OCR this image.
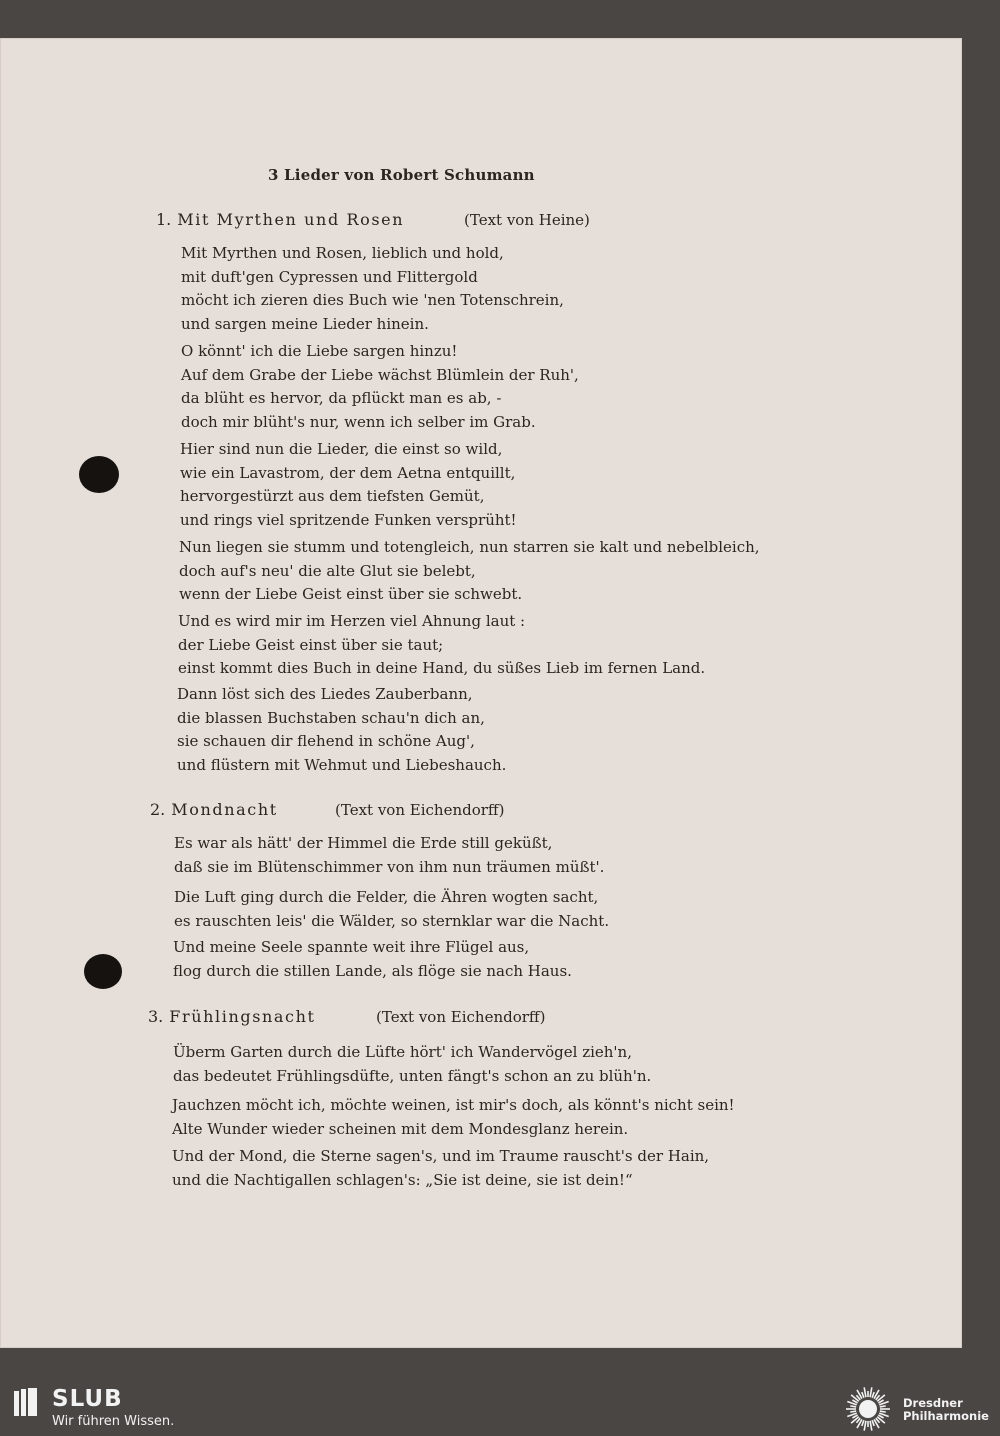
3 Lieder von Robert Schumann
1. Mit Myrthen und Rosen	(Text von Heine)
Mit Myrthen und Rosen, lieblich und hold,
mit duft'gen Cypressen und Flittergold
möcht ich zieren dies Buch wie 'nen Totenschrein,
und sargen meine Lieder hinein.
O könnt' ich die Liebe sargen hinzu!
Auf dem Grabe der Liebe wächst Blümlein der Ruh',
da blüht es hervor, da pflückt man es ab, -
doch mir blüht's nur, wenn ich selber im Grab.
Hier sind nun die Lieder, die einst so wild,
wie ein Lavastrom, der dem Aetna entquillt,
hervorgestürzt aus dem tiefsten Gemüt,
und rings viel spritzende Funken versprüht!
Nun liegen sie stumm und totengleich, nun starren sie kalt und nebelbleich,
doch auf's neu' die alte Glut sie belebt,
wenn der Liebe Geist einst über sie schwebt.
Und es wird mir im Herzen viel Ahnung laut :
der Liebe Geist einst über sie taut;
einst kommt dies Buch in deine Hand, du süßes Lieb im fernen Land.
Dann löst sich des Liedes Zauberbann,
die blassen Buchstaben schau'n dich an,
sie schauen dir flehend in schöne Aug',
und flüstern mit Wehmut und Liebeshauch.
2. Mondnacht	(Text von Eichendorff)
Es war als hätt' der Himmel die Erde still geküßt,
daß sie im Blütenschimmer von ihm nun träumen müßt'.
Die Luft ging durch die Felder, die Ähren wogten sacht,
es rauschten leis' die Wälder, so sternklar war die Nacht.
Und meine Seele spannte weit ihre Flügel aus,
flog durch die stillen Lande, als flöge sie nach Haus.
3. Frühlingsnacht	(Text von Eichendorff)
Überm Garten durch die Lüfte hört' ich Wandervögel zieh'n,
das bedeutet Frühlingsdüfte, unten fängt's schon an zu blüh'n.
Jauchzen möcht ich, möchte weinen, ist mir's doch, als könnt's nicht sein!
Alte Wunder wieder scheinen mit dem Mondesglanz herein.
Und der Mond, die Sterne sagen's, und im Traume rauscht's der Hain,
und die Nachtigallen schlagen's: „Sie ist deine, sie ist dein!“
SLUB
Wir führen Wissen.
Dresdner
Philharmonie
